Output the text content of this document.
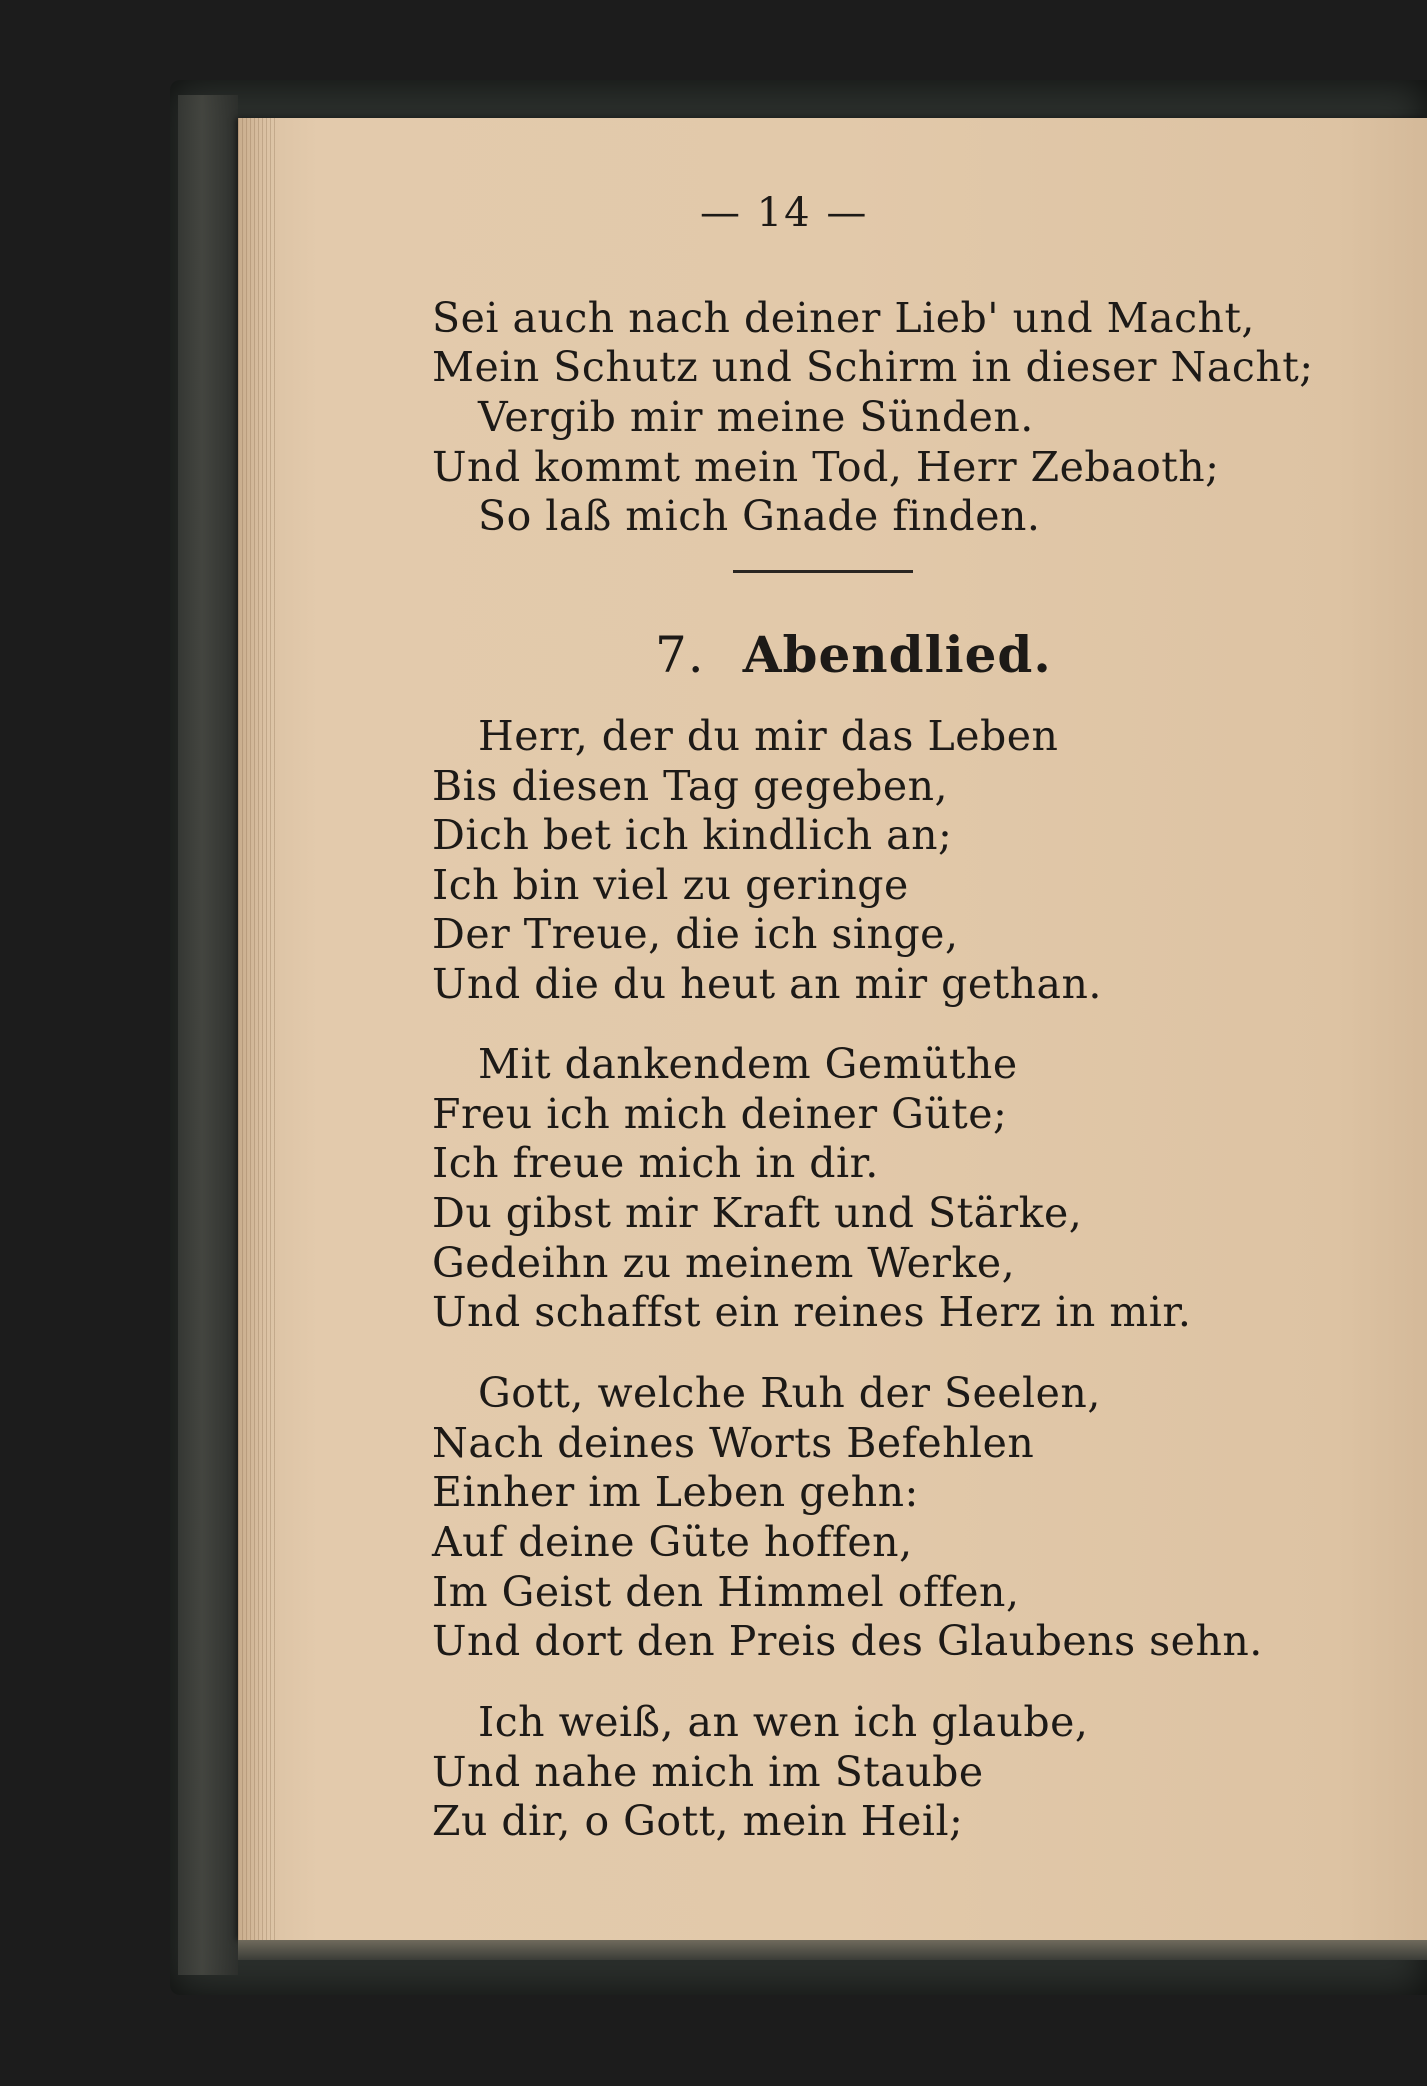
— 14 —
Sei auch nach deiner Lieb' und Macht,
Mein Schutz und Schirm in dieser Nacht;
Vergib mir meine Sünden.
Und kommt mein Tod, Herr Zebaoth;
So laß mich Gnade finden.
7. Abendlied.
Herr, der du mir das Leben
Bis diesen Tag gegeben,
Dich bet ich kindlich an;
Ich bin viel zu geringe
Der Treue, die ich singe,
Und die du heut an mir gethan.
Mit dankendem Gemüthe
Freu ich mich deiner Güte;
Ich freue mich in dir.
Du gibst mir Kraft und Stärke,
Gedeihn zu meinem Werke,
Und schaffst ein reines Herz in mir.
Gott, welche Ruh der Seelen,
Nach deines Worts Befehlen
Einher im Leben gehn:
Auf deine Güte hoffen,
Im Geist den Himmel offen,
Und dort den Preis des Glaubens sehn.
Ich weiß, an wen ich glaube,
Und nahe mich im Staube
Zu dir, o Gott, mein Heil;
